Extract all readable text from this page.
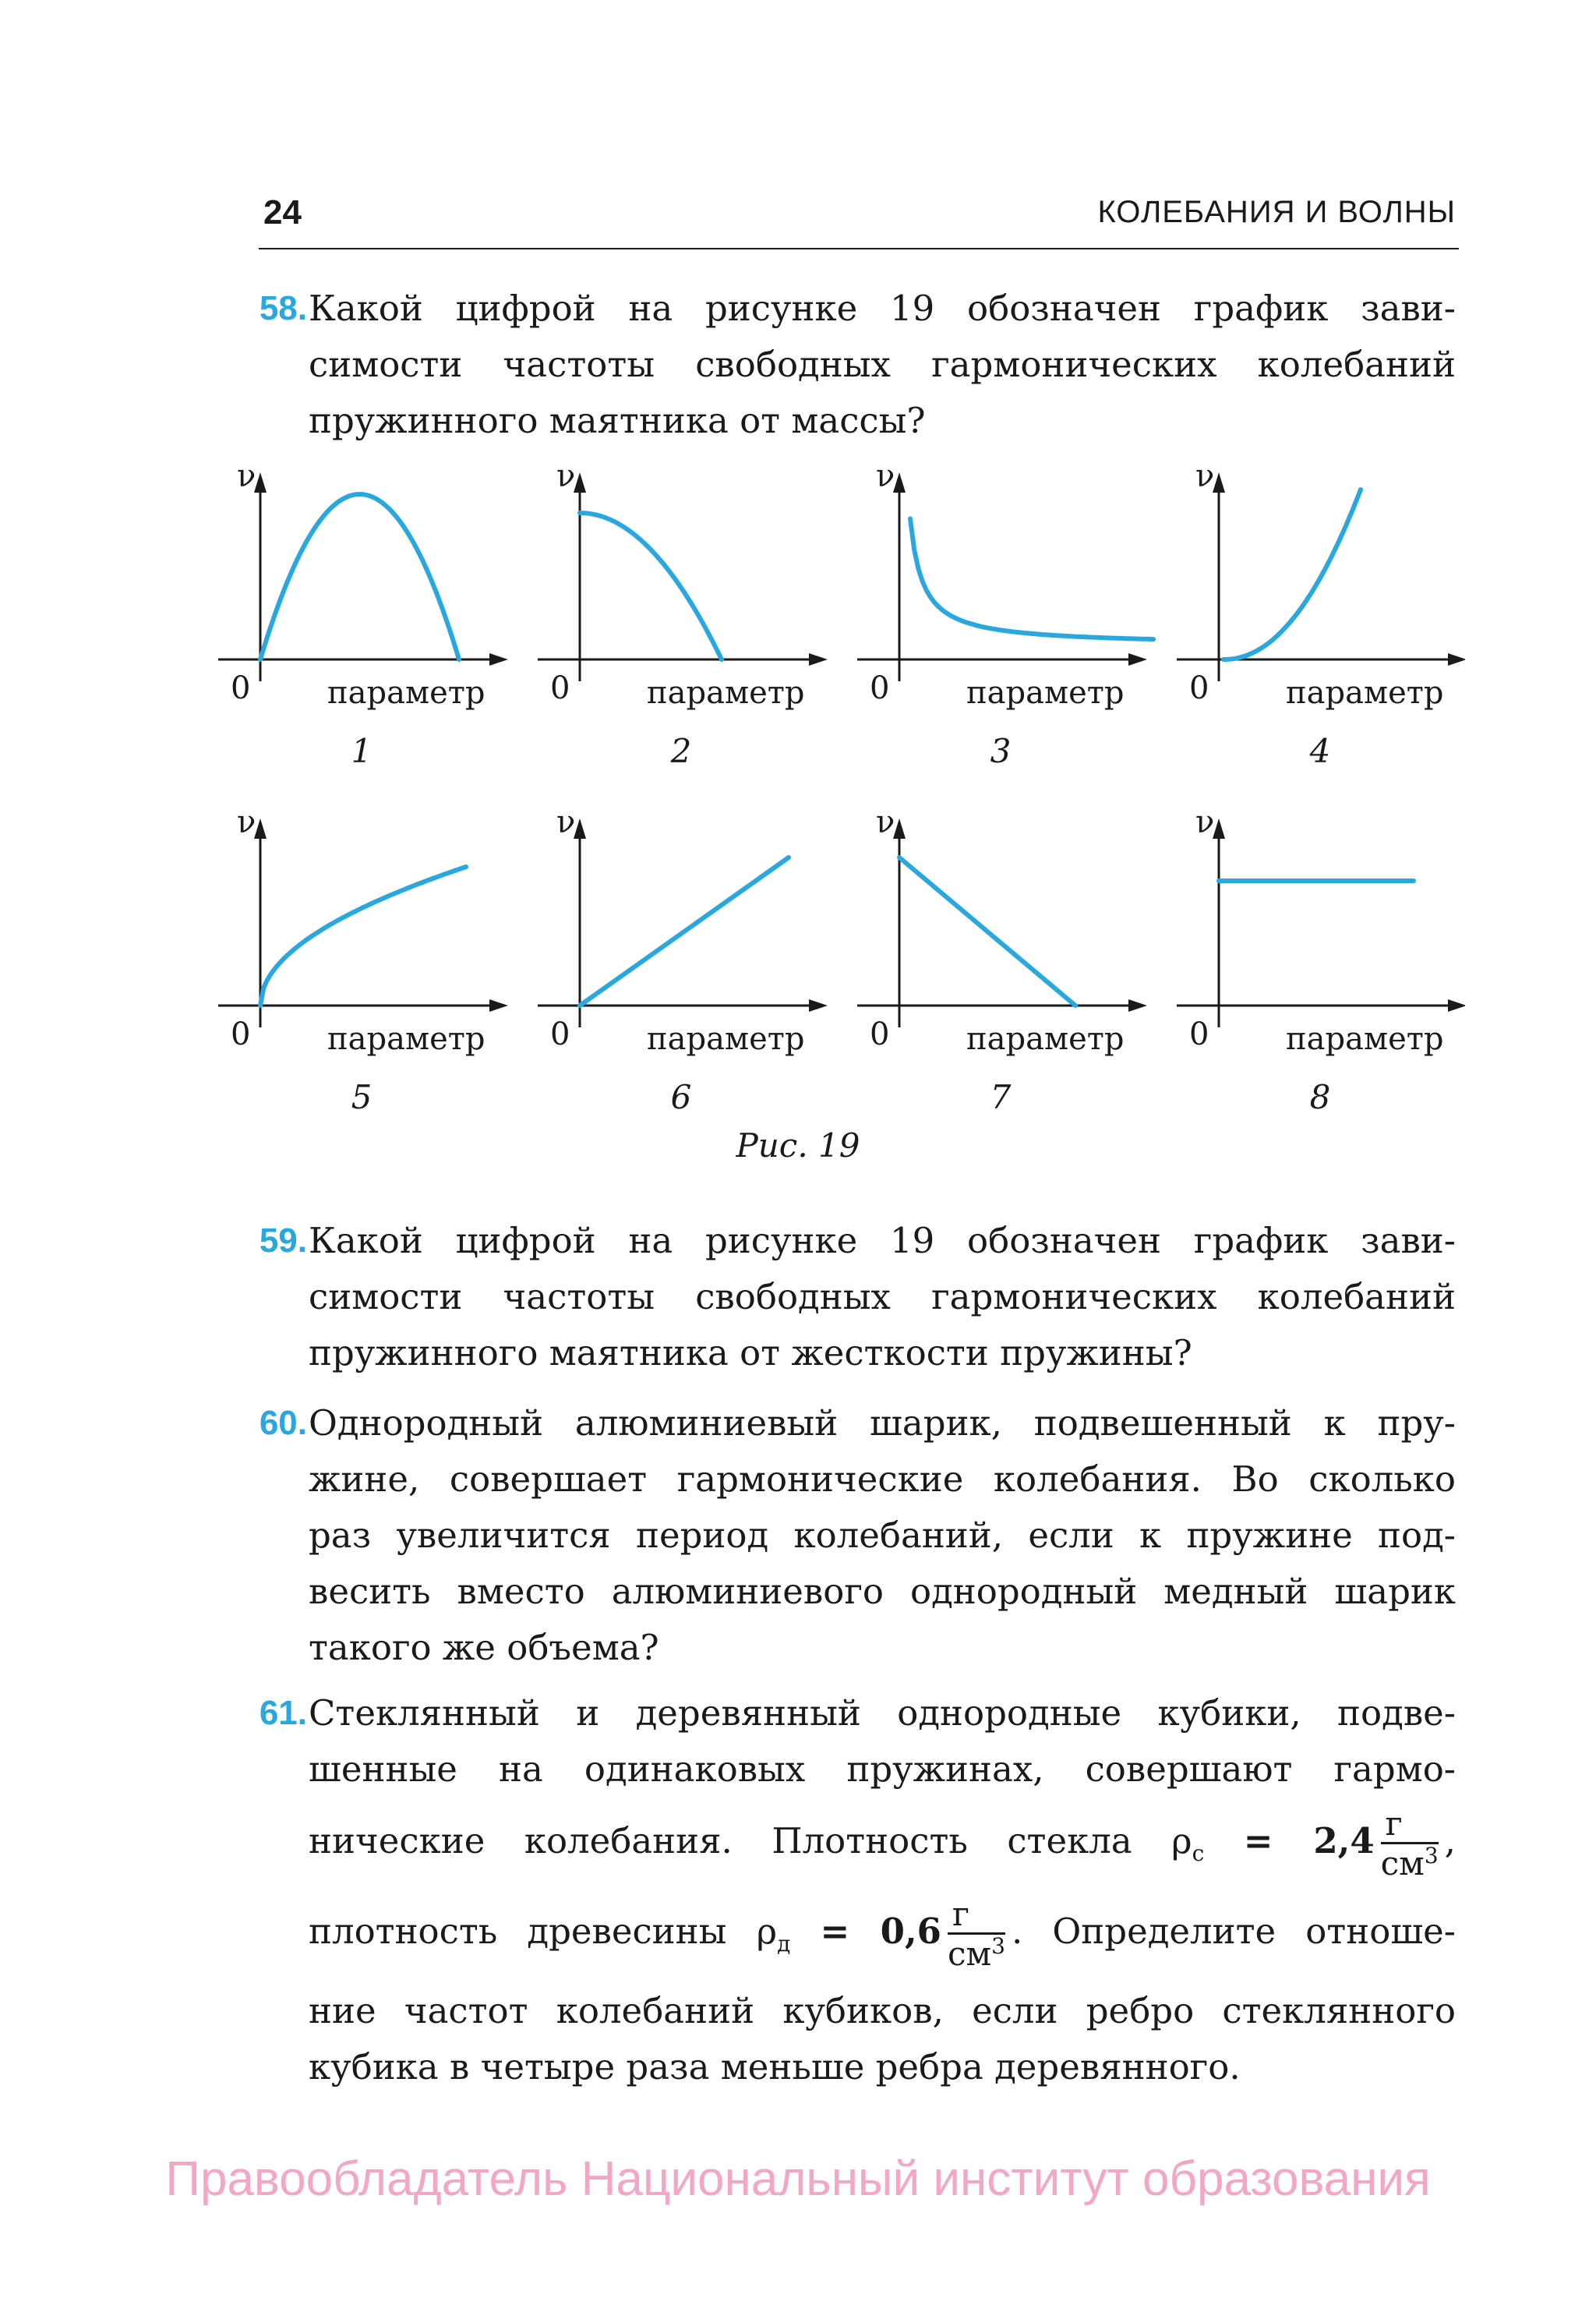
24	КОЛЕБАНИЯ И ВОЛНЫ
58. Какой цифрой на рисунке 19 обозначен график зави-
симости частоты свободных гармонических колебаний
пружинного маятника от массы?
ν
0 параметр
1
ν
0 параметр
2
ν
0 параметр
3
ν
0 параметр
4
ν
0 параметр
5
ν
0 параметр
6
ν
0 параметр
7
ν
0 параметр
8
Рис. 19
59. Какой цифрой на рисунке 19 обозначен график зави-
симости частоты свободных гармонических колебаний
пружинного маятника от жесткости пружины?
60. Однородный алюминиевый шарик, подвешенный к пру-
жине, совершает гармонические колебания. Во сколько
раз увеличится период колебаний, если к пружине под-
весить вместо алюминиевого однородный медный шарик
такого же объема?
61. Стеклянный и деревянный однородные кубики, подве-
шенные на одинаковых пружинах, совершают гармо-
нические колебания. Плотность стекла $\rho_с = 2,4 \frac{г}{см^3}$ ,
плотность древесины $\rho_д = 0,6 \frac{г}{см^3}$ . Определите отноше-
ние частот колебаний кубиков, если ребро стеклянного
кубика в четыре раза меньше ребра деревянного.
Правообладатель Национальный институт образования
